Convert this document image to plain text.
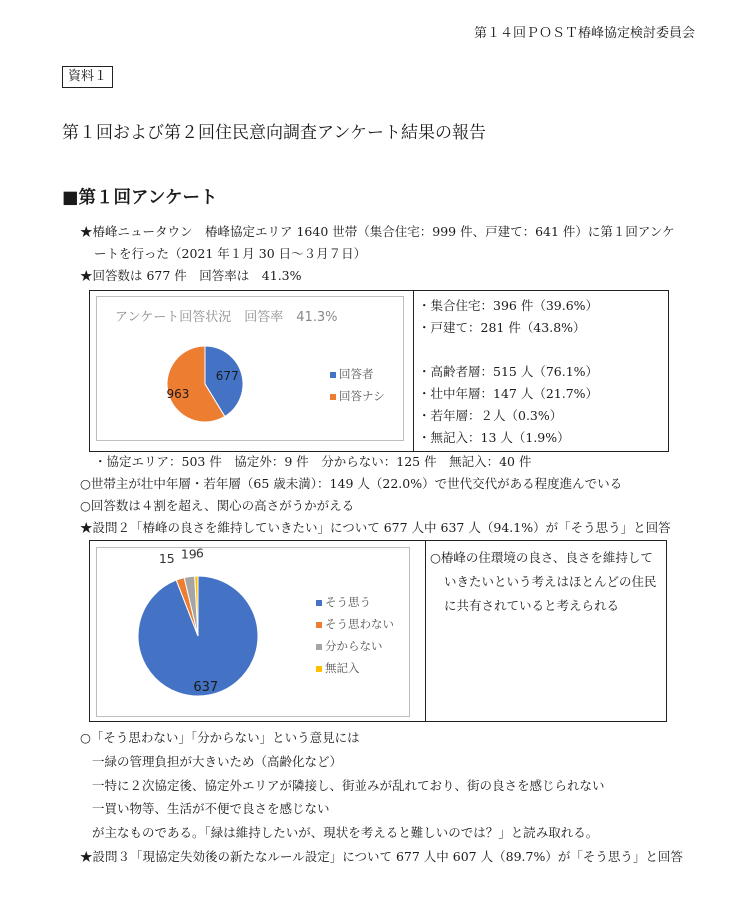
第１４回ＰＯＳＴ椿峰協定検討委員会
資料１
第１回および第２回住民意向調査アンケート結果の報告
■第１回アンケート
★椿峰ニュータウン　椿峰協定エリア 1640 世帯（集合住宅：999 件、戸建て：641 件）に第１回アンケ
ートを行った（2021 年１月 30 日〜３月７日）
★回答数は 677 件　回答率は　41.3%
アンケート回答状況　回答率　41.3%
677
963
回答者
回答ナシ
・集合住宅：396 件（39.6%）
・戸建て：281 件（43.8%）
・高齢者層：515 人（76.1%）
・壮中年層：147 人（21.7%）
・若年層：２人（0.3%）
・無記入：13 人（1.9%）
・協定エリア：503 件　協定外：9 件　分からない：125 件　無記入：40 件
○世帯主が壮中年層・若年層（65 歳未満）：149 人（22.0%）で世代交代がある程度進んでいる
○回答数は４割を超え、関心の高さがうかがえる
★設問２「椿峰の良さを維持していきたい」について 677 人中 637 人（94.1%）が「そう思う」と回答
637
15 19 6
そう思う
そう思わない
分からない
無記入
○椿峰の住環境の良さ、良さを維持して
いきたいという考えはほとんどの住民
に共有されていると考えられる
○「そう思わない」「分からない」という意見には
一緑の管理負担が大きいため（高齢化など）
一特に２次協定後、協定外エリアが隣接し、街並みが乱れており、街の良さを感じられない
一買い物等、生活が不便で良さを感じない
が主なものである。「緑は維持したいが、現状を考えると難しいのでは？」と読み取れる。
★設問３「現協定失効後の新たなルール設定」について 677 人中 607 人（89.7%）が「そう思う」と回答
